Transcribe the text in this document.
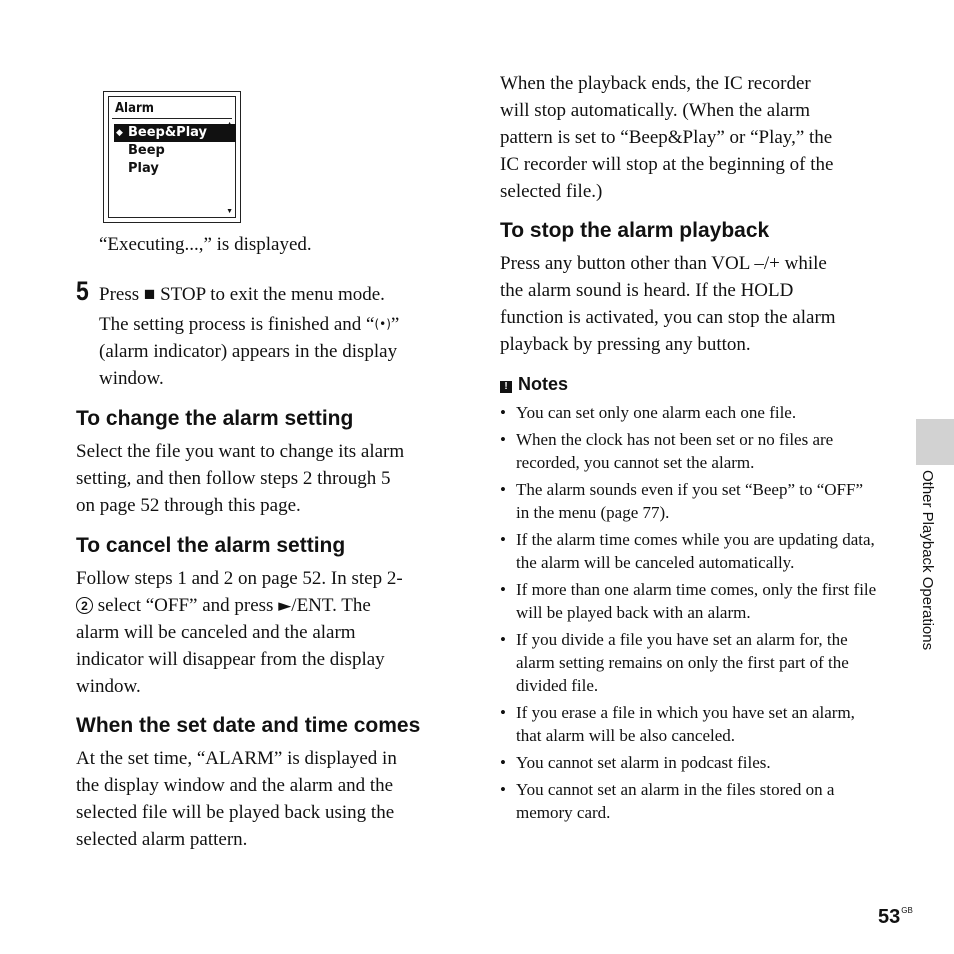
Alarm
◆ Beep&Play
Beep
Play
▲
▼

“Executing...,” is displayed.

5 Press ■ STOP to exit the menu mode.

The setting process is finished and “(•)”

(alarm indicator) appears in the display

window.

To change the alarm setting

Select the file you want to change its alarm

setting, and then follow steps 2 through 5

on page 52 through this page.

To cancel the alarm setting

Follow steps 1 and 2 on page 52. In step 2-

2 select “OFF” and press ►/ENT. The

alarm will be canceled and the alarm

indicator will disappear from the display

window.

When the set date and time comes

At the set time, “ALARM” is displayed in

the display window and the alarm and the

selected file will be played back using the

selected alarm pattern.

When the playback ends, the IC recorder

will stop automatically. (When the alarm

pattern is set to “Beep&Play” or “Play,” the

IC recorder will stop at the beginning of the

selected file.)

To stop the alarm playback

Press any button other than VOL –/+ while

the alarm sound is heard. If the HOLD

function is activated, you can stop the alarm

playback by pressing any button.

! Notes
• You can set only one alarm each one file.
• When the clock has not been set or no files are recorded, you cannot set the alarm.
• The alarm sounds even if you set “Beep” to “OFF” in the menu (page 77).
• If the alarm time comes while you are updating data, the alarm will be canceled automatically.
• If more than one alarm time comes, only the first file will be played back with an alarm.
• If you divide a file you have set an alarm for, the alarm setting remains on only the first part of the divided file.
• If you erase a file in which you have set an alarm, that alarm will be also canceled.
• You cannot set alarm in podcast files.
• You cannot set an alarm in the files stored on a memory card.
Other Playback Operations
$53^{GB}$
